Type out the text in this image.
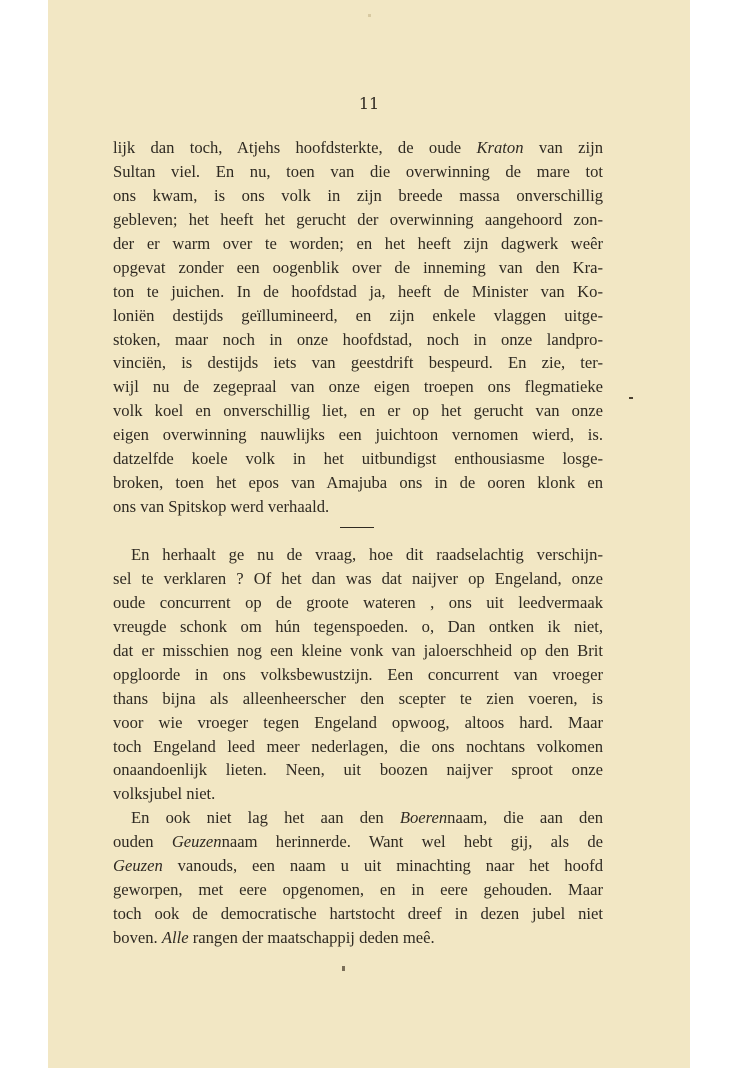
11
lijk dan toch, Atjehs hoofdsterkte, de oude Kraton van zijn
Sultan viel. En nu, toen van die overwinning de mare tot
ons kwam, is ons volk in zijn breede massa onverschillig
gebleven; het heeft het gerucht der overwinning aangehoord zon-
der er warm over te worden; en het heeft zijn dagwerk weêr
opgevat zonder een oogenblik over de inneming van den Kra-
ton te juichen. In de hoofdstad ja, heeft de Minister van Ko-
loniën destijds geïllumineerd, en zijn enkele vlaggen uitge-
stoken, maar noch in onze hoofdstad, noch in onze landpro-
vinciën, is destijds iets van geestdrift bespeurd. En zie, ter-
wijl nu de zegepraal van onze eigen troepen ons flegmatieke
volk koel en onverschillig liet, en er op het gerucht van onze
eigen overwinning nauwlijks een juichtoon vernomen wierd, is.
datzelfde koele volk in het uitbundigst enthousiasme losge-
broken, toen het epos van Amajuba ons in de ooren klonk en
ons van Spitskop werd verhaald.
En herhaalt ge nu de vraag, hoe dit raadselachtig verschijn-
sel te verklaren ? Of het dan was dat naijver op Engeland, onze
oude concurrent op de groote wateren , ons uit leedvermaak
vreugde schonk om hún tegenspoeden. o, Dan ontken ik niet,
dat er misschien nog een kleine vonk van jaloerschheid op den Brit
opgloorde in ons volksbewustzijn. Een concurrent van vroeger
thans bijna als alleenheerscher den scepter te zien voeren, is
voor wie vroeger tegen Engeland opwoog, altoos hard. Maar
toch Engeland leed meer nederlagen, die ons nochtans volkomen
onaandoenlijk lieten. Neen, uit boozen naijver sproot onze
volksjubel niet.
En ook niet lag het aan den Boerennaam, die aan den
ouden Geuzennaam herinnerde. Want wel hebt gij, als de
Geuzen vanouds, een naam u uit minachting naar het hoofd
geworpen, met eere opgenomen, en in eere gehouden. Maar
toch ook de democratische hartstocht dreef in dezen jubel niet
boven. Alle rangen der maatschappij deden meê.
